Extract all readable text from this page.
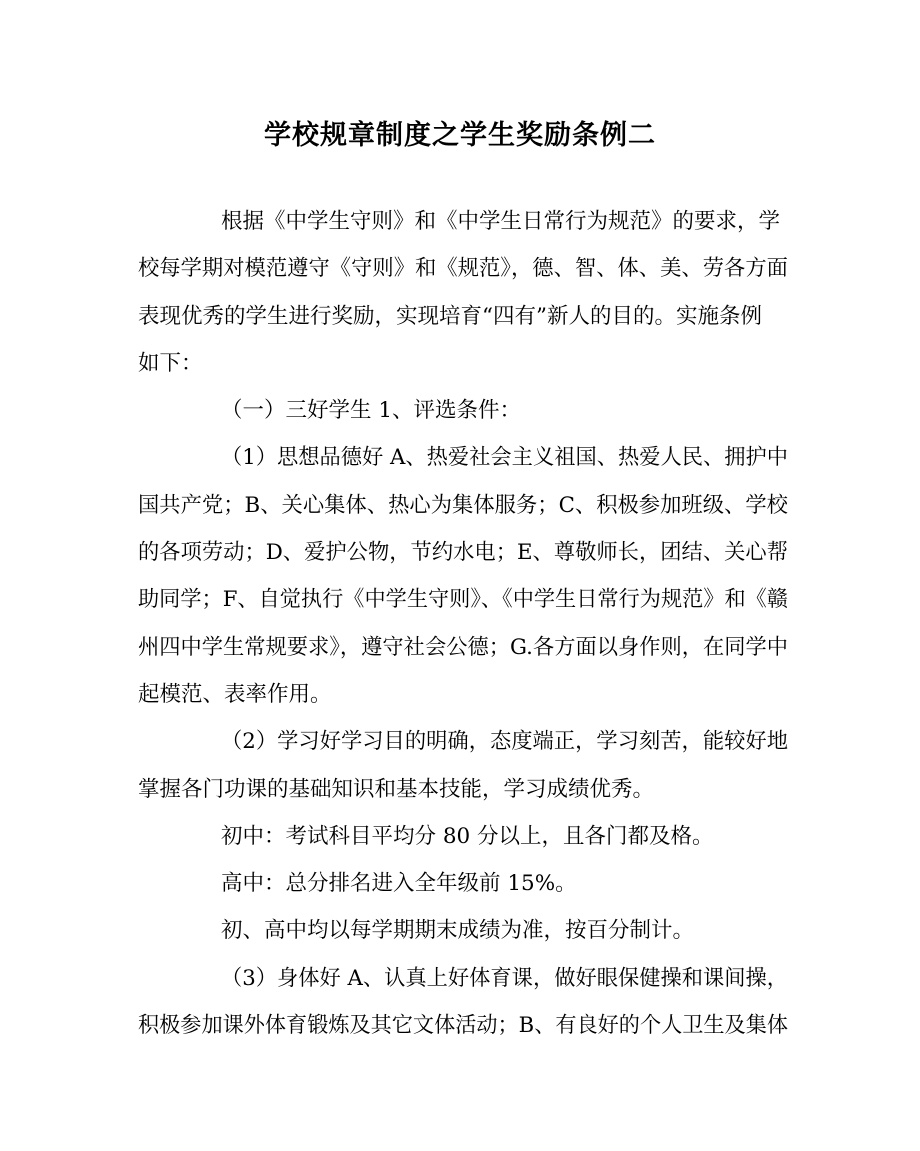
学校规章制度之学生奖励条例二
根据《中学生守则》和《中学生日常行为规范》的要求，学
校每学期对模范遵守《守则》和《规范》，德、智、体、美、劳各方面
表现优秀的学生进行奖励，实现培育“四有”新人的目的。实施条例
如下：
（一）三好学生 1、评选条件：
（1）思想品德好 A、热爱社会主义祖国、热爱人民、拥护中
国共产党；B、关心集体、热心为集体服务；C、积极参加班级、学校
的各项劳动；D、爱护公物，节约水电；E、尊敬师长，团结、关心帮
助同学；F、自觉执行《中学生守则》、《中学生日常行为规范》和《赣
州四中学生常规要求》，遵守社会公德；G.各方面以身作则，在同学中
起模范、表率作用。
（2）学习好学习目的明确，态度端正，学习刻苦，能较好地
掌握各门功课的基础知识和基本技能，学习成绩优秀。
初中：考试科目平均分 80 分以上，且各门都及格。
高中：总分排名进入全年级前 15%。
初、高中均以每学期期末成绩为准，按百分制计。
（3）身体好 A、认真上好体育课，做好眼保健操和课间操，
积极参加课外体育锻炼及其它文体活动；B、有良好的个人卫生及集体
